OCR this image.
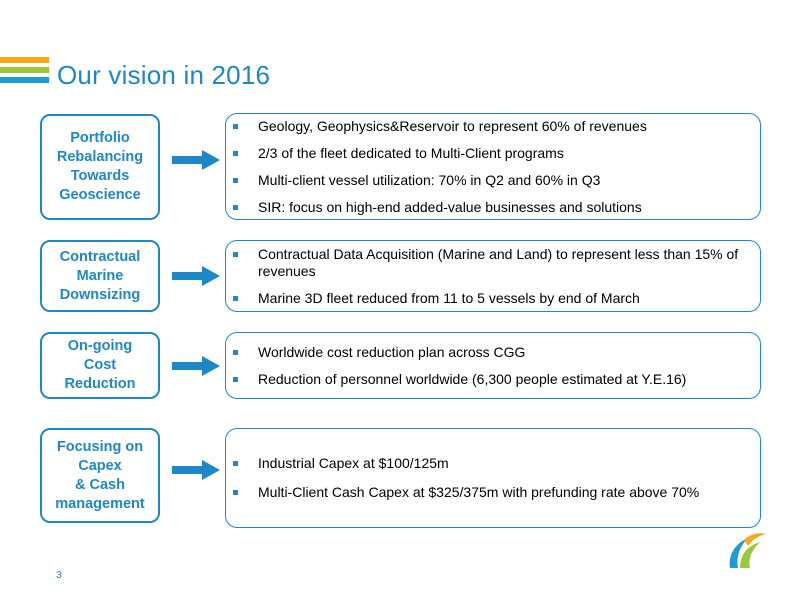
Our vision in 2016
Portfolio
Rebalancing
Towards
Geoscience
Geology, Geophysics&Reservoir to represent 60% of revenues
2/3 of the fleet dedicated to Multi-Client programs
Multi-client vessel utilization: 70% in Q2 and 60% in Q3
SIR: focus on high-end added-value businesses and solutions
Contractual
Marine
Downsizing
Contractual Data Acquisition (Marine and Land) to represent less than 15% of revenues
Marine 3D fleet reduced from 11 to 5 vessels by end of March
On-going
Cost
Reduction
Worldwide cost reduction plan across CGG
Reduction of personnel worldwide (6,300 people estimated at Y.E.16)
Focusing on
Capex
& Cash
management
Industrial Capex at $100/125m
Multi-Client Cash Capex at $325/375m with prefunding rate above 70%
3
